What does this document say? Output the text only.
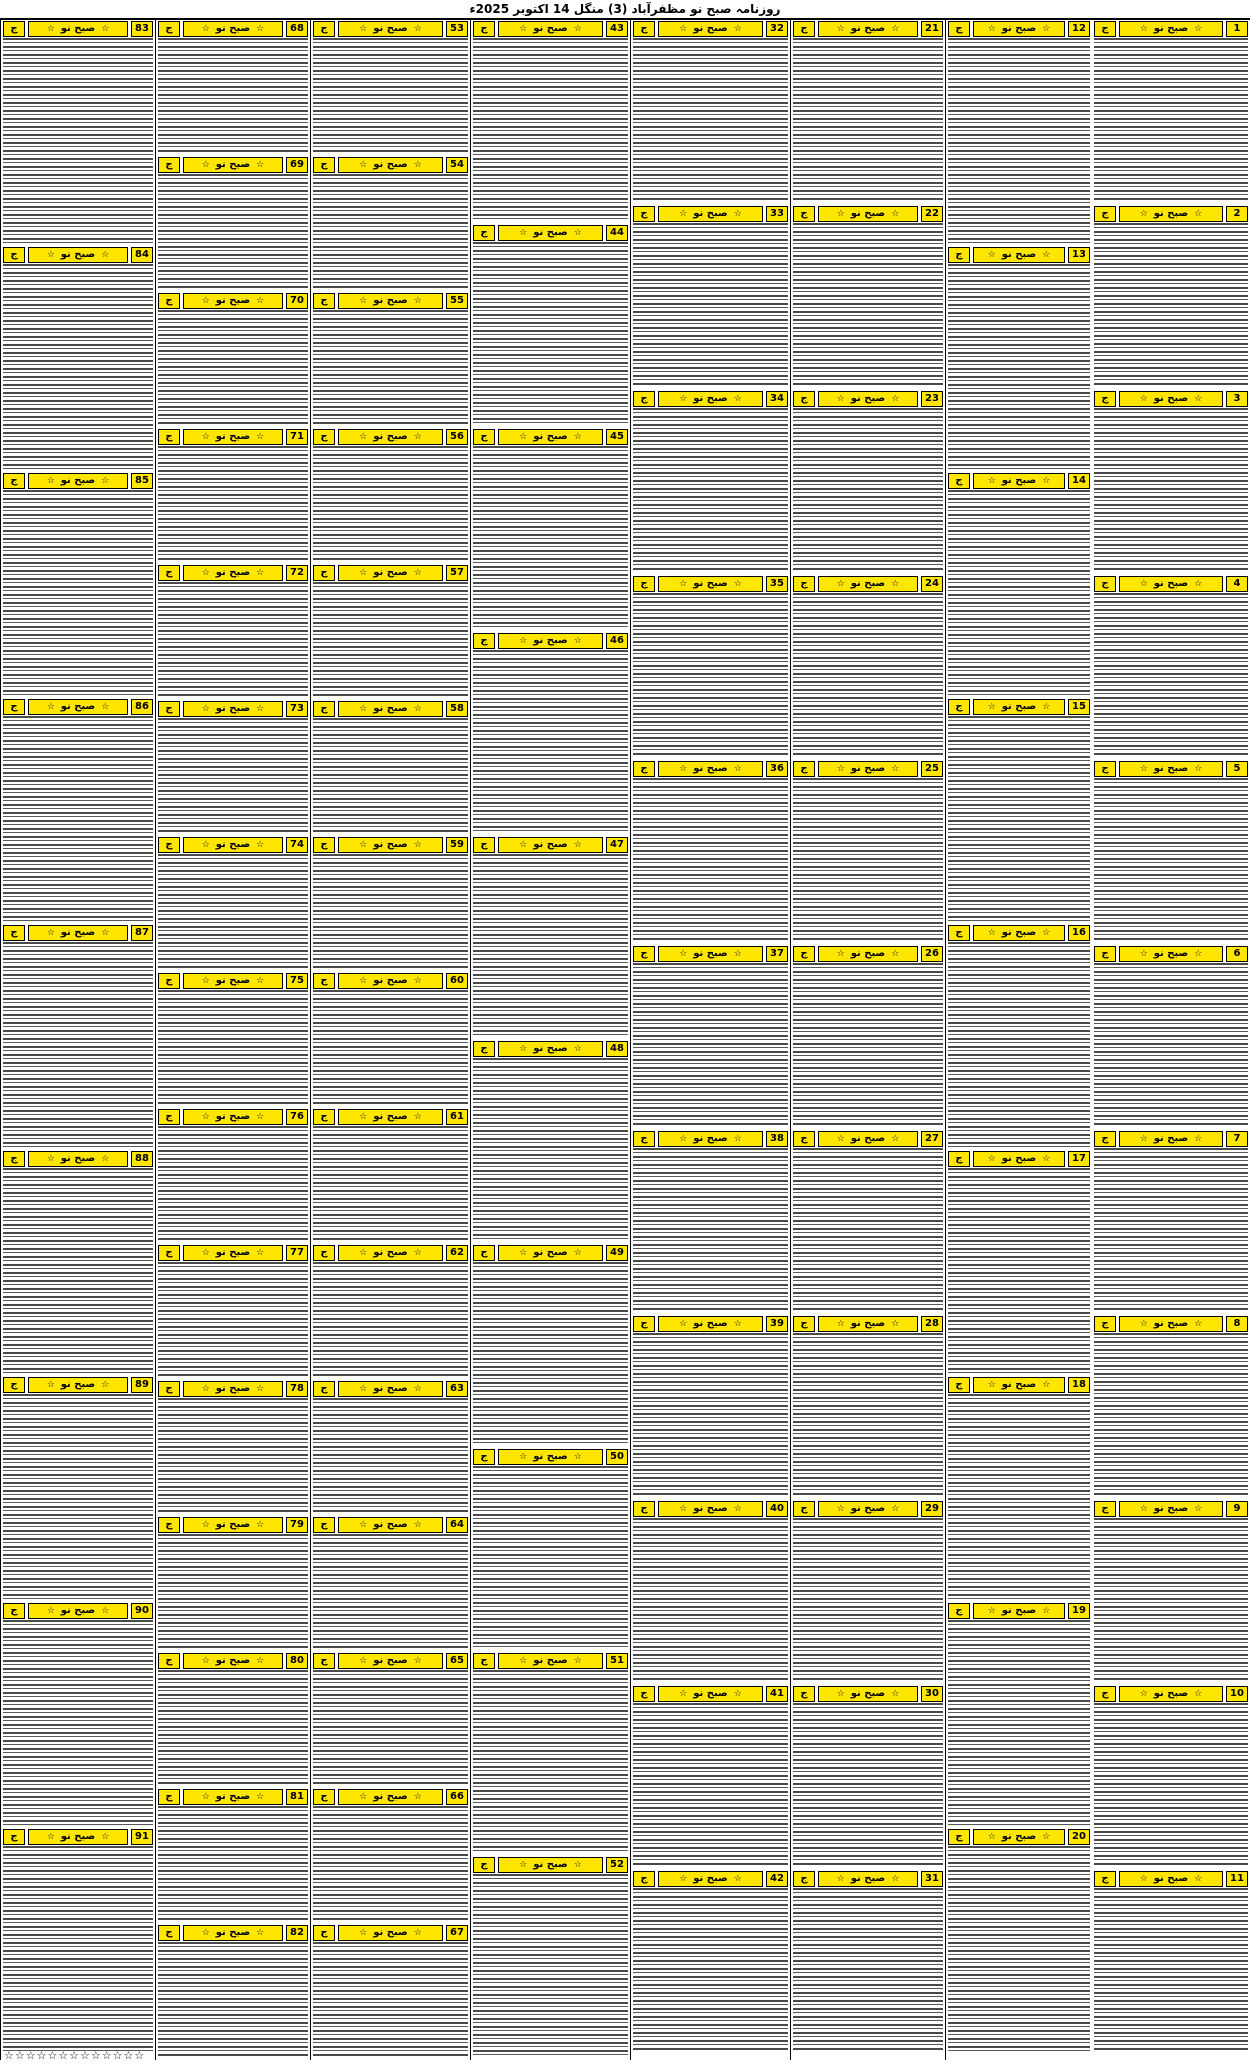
روزنامہ صبح نو مظفرآباد (3) منگل 14 اکتوبر 2025ء
ج	☆ صبح نو ☆	1
ج	☆ صبح نو ☆	2
ج	☆ صبح نو ☆	3
ج	☆ صبح نو ☆	4
ج	☆ صبح نو ☆	5
ج	☆ صبح نو ☆	6
ج	☆ صبح نو ☆	7
ج	☆ صبح نو ☆	8
ج	☆ صبح نو ☆	9
ج	☆ صبح نو ☆	10
ج	☆ صبح نو ☆	11
ج	☆ صبح نو ☆	12
ج	☆ صبح نو ☆	13
ج	☆ صبح نو ☆	14
ج	☆ صبح نو ☆	15
ج	☆ صبح نو ☆	16
ج	☆ صبح نو ☆	17
ج	☆ صبح نو ☆	18
ج	☆ صبح نو ☆	19
ج	☆ صبح نو ☆	20
ج	☆ صبح نو ☆	21
ج	☆ صبح نو ☆	22
ج	☆ صبح نو ☆	23
ج	☆ صبح نو ☆	24
ج	☆ صبح نو ☆	25
ج	☆ صبح نو ☆	26
ج	☆ صبح نو ☆	27
ج	☆ صبح نو ☆	28
ج	☆ صبح نو ☆	29
ج	☆ صبح نو ☆	30
ج	☆ صبح نو ☆	31
ج	☆ صبح نو ☆	32
ج	☆ صبح نو ☆	33
ج	☆ صبح نو ☆	34
ج	☆ صبح نو ☆	35
ج	☆ صبح نو ☆	36
ج	☆ صبح نو ☆	37
ج	☆ صبح نو ☆	38
ج	☆ صبح نو ☆	39
ج	☆ صبح نو ☆	40
ج	☆ صبح نو ☆	41
ج	☆ صبح نو ☆	42
ج	☆ صبح نو ☆	43
ج	☆ صبح نو ☆	44
ج	☆ صبح نو ☆	45
ج	☆ صبح نو ☆	46
ج	☆ صبح نو ☆	47
ج	☆ صبح نو ☆	48
ج	☆ صبح نو ☆	49
ج	☆ صبح نو ☆	50
ج	☆ صبح نو ☆	51
ج	☆ صبح نو ☆	52
ج	☆ صبح نو ☆	53
ج	☆ صبح نو ☆	54
ج	☆ صبح نو ☆	55
ج	☆ صبح نو ☆	56
ج	☆ صبح نو ☆	57
ج	☆ صبح نو ☆	58
ج	☆ صبح نو ☆	59
ج	☆ صبح نو ☆	60
ج	☆ صبح نو ☆	61
ج	☆ صبح نو ☆	62
ج	☆ صبح نو ☆	63
ج	☆ صبح نو ☆	64
ج	☆ صبح نو ☆	65
ج	☆ صبح نو ☆	66
ج	☆ صبح نو ☆	67
ج	☆ صبح نو ☆	68
ج	☆ صبح نو ☆	69
ج	☆ صبح نو ☆	70
ج	☆ صبح نو ☆	71
ج	☆ صبح نو ☆	72
ج	☆ صبح نو ☆	73
ج	☆ صبح نو ☆	74
ج	☆ صبح نو ☆	75
ج	☆ صبح نو ☆	76
ج	☆ صبح نو ☆	77
ج	☆ صبح نو ☆	78
ج	☆ صبح نو ☆	79
ج	☆ صبح نو ☆	80
ج	☆ صبح نو ☆	81
ج	☆ صبح نو ☆	82
ج	☆ صبح نو ☆	83
ج	☆ صبح نو ☆	84
ج	☆ صبح نو ☆	85
ج	☆ صبح نو ☆	86
ج	☆ صبح نو ☆	87
ج	☆ صبح نو ☆	88
ج	☆ صبح نو ☆	89
ج	☆ صبح نو ☆	90
ج	☆ صبح نو ☆	91
☆☆☆☆☆☆☆☆☆☆☆☆☆
